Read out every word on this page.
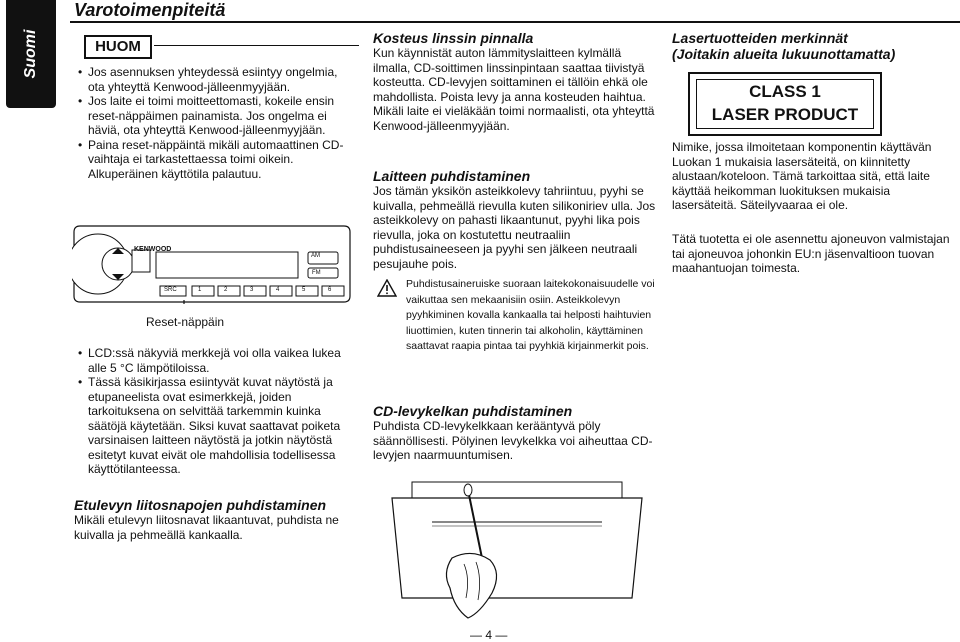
Suomi
Varotoimenpiteitä
HUOM
• Jos asennuksen yhteydessä esiintyy ongelmia, ota yhteyttä Kenwood-jälleenmyyjään.
• Jos laite ei toimi moitteettomasti, kokeile ensin reset-näppäimen painamista. Jos ongelma ei häviä, ota yhteyttä Kenwood-jälleenmyyjään.
• Paina reset-näppäintä mikäli automaattinen CD-vaihtaja ei tarkastettaessa toimi oikein. Alkuperäinen käyttötila palautuu.
KENWOOD
AM
FM
SRC	1	2	3	4	5	6
Reset-näppäin
• LCD:ssä näkyviä merkkejä voi olla vaikea lukea alle 5 °C lämpötiloissa.
• Tässä käsikirjassa esiintyvät kuvat näytöstä ja etupaneelista ovat esimerkkejä, joiden tarkoituksena on selvittää tarkemmin kuinka säätöjä käytetään. Siksi kuvat saattavat poiketa varsinaisen laitteen näytöstä ja jotkin näytöstä esitetyt kuvat eivät ole mahdollisia todellisessa käyttötilanteessa.
Etulevyn liitosnapojen puhdistaminen
Mikäli etulevyn liitosnavat likaantuvat, puhdista ne kuivalla ja pehmeällä kankaalla.
Kosteus linssin pinnalla
Kun käynnistät auton lämmityslaitteen kylmällä ilmalla, CD-soittimen linssinpintaan saattaa tiivistyä kosteutta. CD-levyjen soittaminen ei tällöin ehkä ole mahdollista. Poista levy ja anna kosteuden haihtua. Mikäli laite ei vieläkään toimi normaalisti, ota yhteyttä Kenwood-jälleenmyyjään.
Laitteen puhdistaminen
Jos tämän yksikön asteikkolevy tahriintuu, pyyhi se kuivalla, pehmeällä rievulla kuten silikoniriev ulla. Jos asteikkolevy on pahasti likaantunut, pyyhi lika pois rievulla, joka on kostutettu neutraaliin puhdistusaineeseen ja pyyhi sen jälkeen neutraali pesujauhe pois.
Puhdistusaineruiske suoraan laitekokonaisuudelle voi vaikuttaa sen mekaanisiin osiin. Asteikkolevyn pyyhkiminen kovalla kankaalla tai helposti haihtuvien liuottimien, kuten tinnerin tai alkoholin, käyttäminen saattavat raapia pintaa tai pyyhkiä kirjainmerkit pois.
CD-levykelkan puhdistaminen
Puhdista CD-levykelkkaan kerääntyvä pöly säännöllisesti. Pölyinen levykelkka voi aiheuttaa CD-levyjen naarmuuntumisen.
Lasertuotteiden merkinnät
(Joitakin alueita lukuunottamatta)
CLASS 1
LASER PRODUCT
Nimike, jossa ilmoitetaan komponentin käyttävän Luokan 1 mukaisia lasersäteitä, on kiinnitetty alustaan/koteloon. Tämä tarkoittaa sitä, että laite käyttää heikomman luokituksen mukaisia lasersäteitä. Säteilyvaaraa ei ole.
Tätä tuotetta ei ole asennettu ajoneuvon valmistajan tai ajoneuvoa johonkin EU:n jäsenvaltioon tuovan maahantuojan toimesta.
— 4 —
